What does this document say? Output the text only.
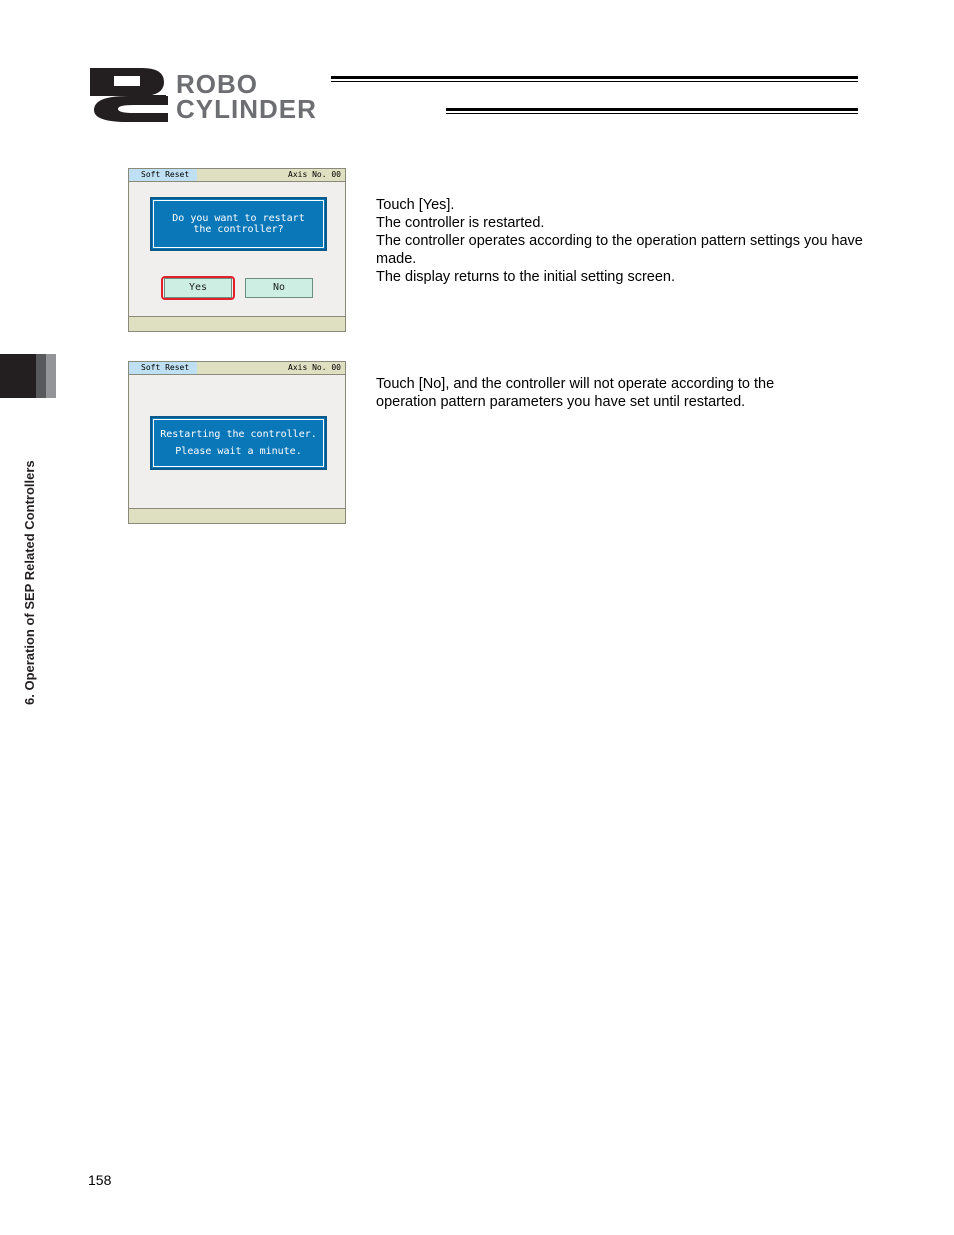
ROBO
CYLINDER
6. Operation of SEP Related Controllers
Soft Reset	Axis No. 00
Do you want to restart
the controller?
Yes	No
Soft Reset	Axis No. 00
Restarting the controller.
Please wait a minute.

Touch [Yes].

The controller is restarted.

The controller operates according to the operation pattern settings you have made.

The display returns to the initial setting screen.

Touch [No], and the controller will not operate according to the operation pattern parameters you have set until restarted.

158
